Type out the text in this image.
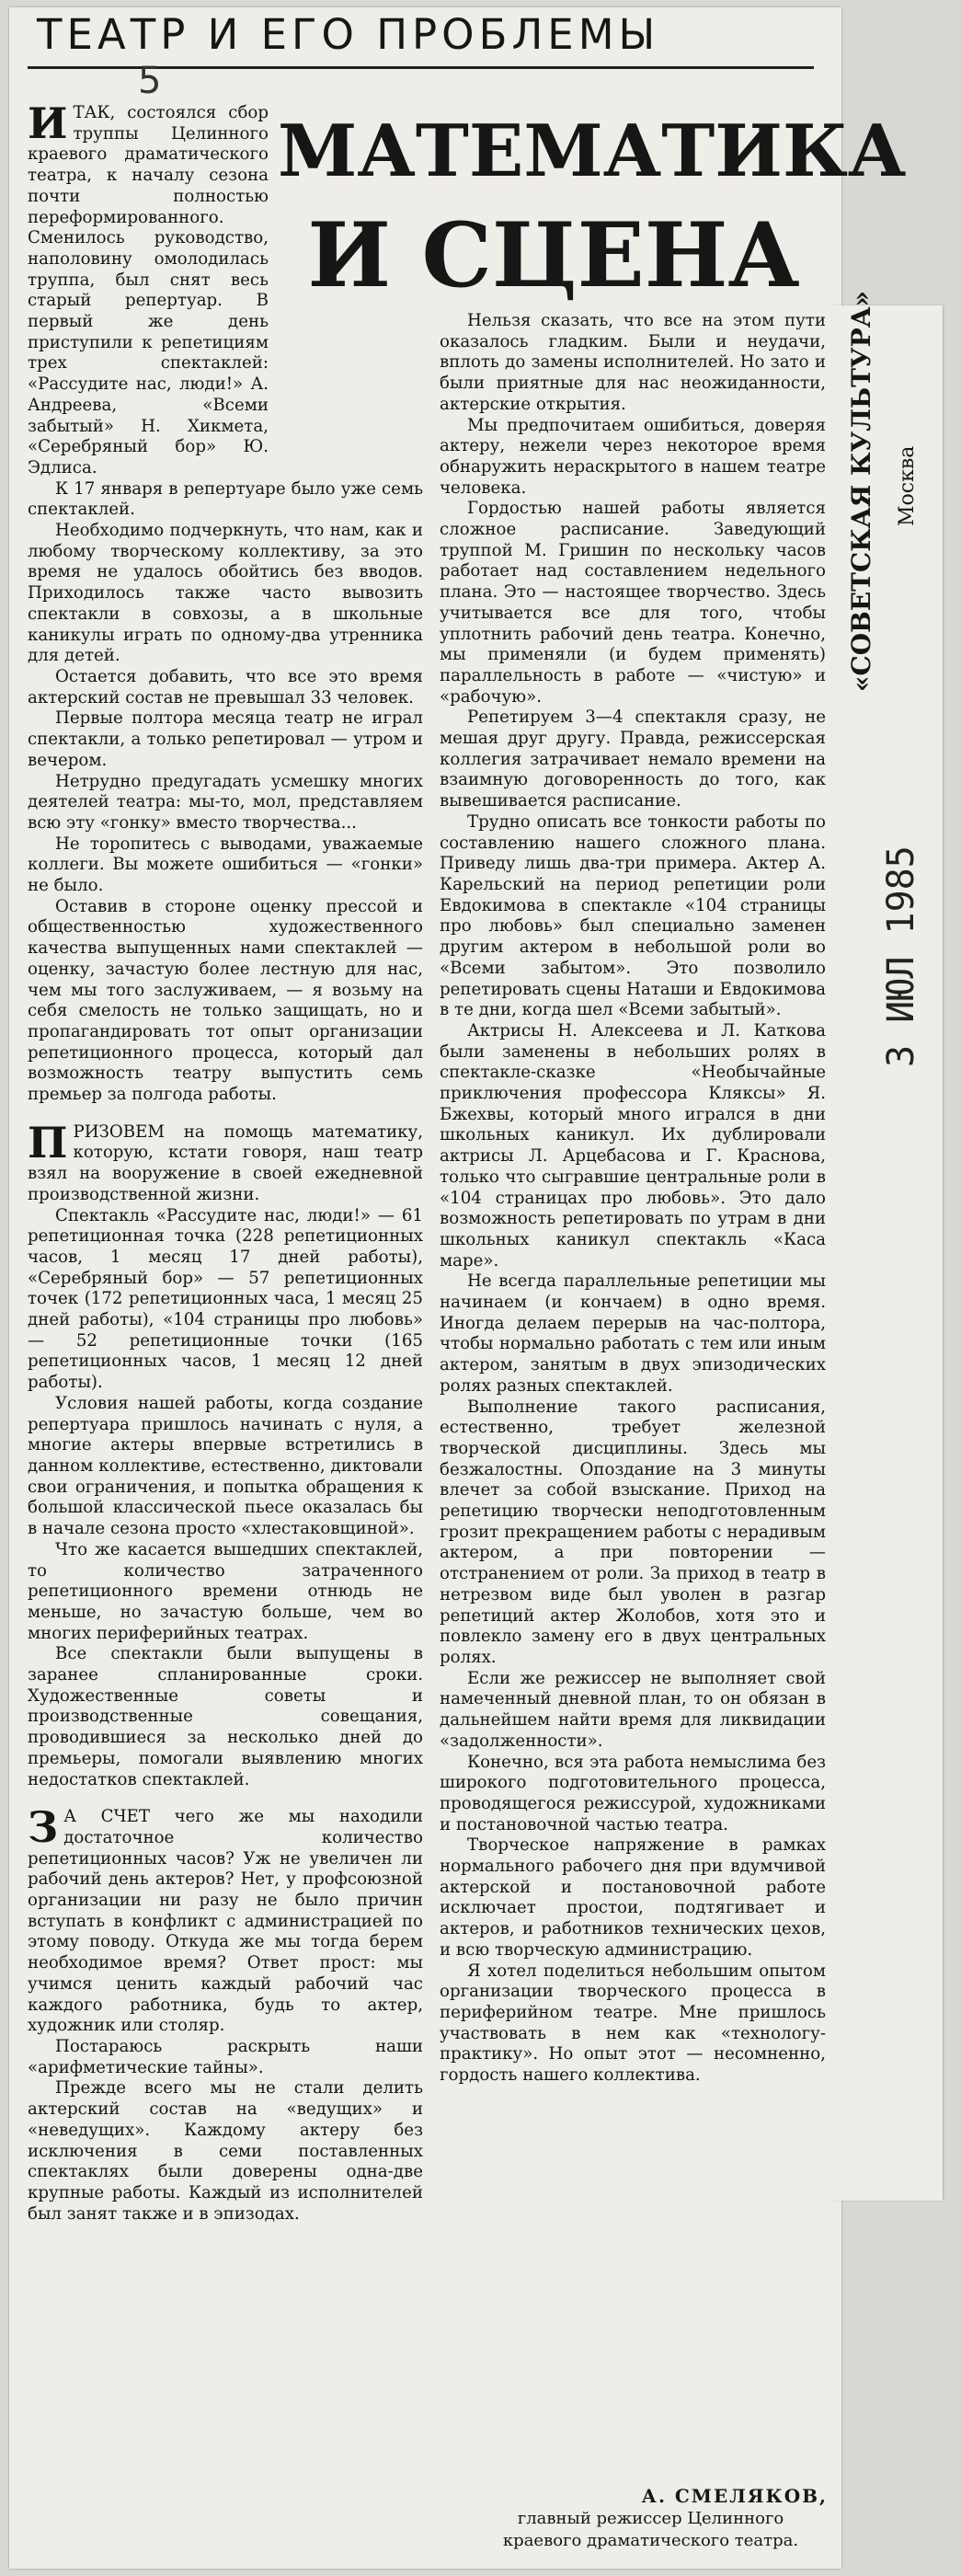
ТЕАТР И ЕГО ПРОБЛЕМЫ
5
МАТЕМАТИКА
И СЦЕНА
«СОВЕТСКАЯ КУЛЬТУРА» Москва
3 ИЮЛ 1985

ИТАК, состоялся сбор труппы Целинного краевого драматического театра, к началу сезона почти полностью переформированного. Сменилось руководство, наполовину омолодилась труппа, был снят весь старый репертуар. В первый же день приступили к репетициям трех спектаклей: «Рассудите нас, люди!» А. Андреева, «Всеми забытый» Н. Хикмета, «Серебряный бор» Ю. Эдлиса.

К 17 января в репертуаре было уже семь спектаклей.

Необходимо подчеркнуть, что нам, как и любому творческому коллективу, за это время не удалось обойтись без вводов. Приходилось также часто вывозить спектакли в совхозы, а в школьные каникулы играть по одному-два утренника для детей.

Остается добавить, что все это время актерский состав не превышал 33 человек.

Первые полтора месяца театр не играл спектакли, а только репетировал — утром и вечером.

Нетрудно предугадать усмешку многих деятелей театра: мы-то, мол, представляем всю эту «гонку» вместо творчества...

Не торопитесь с выводами, уважаемые коллеги. Вы можете ошибиться — «гонки» не было.

Оставив в стороне оценку прессой и общественностью художественного качества выпущенных нами спектаклей — оценку, зачастую более лестную для нас, чем мы того заслуживаем, — я возьму на себя смелость не только защищать, но и пропагандировать тот опыт организации репетиционного процесса, который дал возможность театру выпустить семь премьер за полгода работы.

ПРИЗОВЕМ на помощь математику, которую, кстати говоря, наш театр взял на вооружение в своей ежедневной производственной жизни.

Спектакль «Рассудите нас, люди!» — 61 репетиционная точка (228 репетиционных часов, 1 месяц 17 дней работы), «Серебряный бор» — 57 репетиционных точек (172 репетиционных часа, 1 месяц 25 дней работы), «104 страницы про любовь» — 52 репетиционные точки (165 репетиционных часов, 1 месяц 12 дней работы).

Условия нашей работы, когда создание репертуара пришлось начинать с нуля, а многие актеры впервые встретились в данном коллективе, естественно, диктовали свои ограничения, и попытка обращения к большой классической пьесе оказалась бы в начале сезона просто «хлестаковщиной».

Что же касается вышедших спектаклей, то количество затраченного репетиционного времени отнюдь не меньше, но зачастую больше, чем во многих периферийных театрах.

Все спектакли были выпущены в заранее спланированные сроки. Художественные советы и производственные совещания, проводившиеся за несколько дней до премьеры, помогали выявлению многих недостатков спектаклей.

З А СЧЕТ чего же мы находили достаточное количество репетиционных часов? Уж не увеличен ли рабочий день актеров? Нет, у профсоюзной организации ни разу не было причин вступать в конфликт с администрацией по этому поводу. Откуда же мы тогда берем необходимое время? Ответ прост: мы учимся ценить каждый рабочий час каждого работника, будь то актер, художник или столяр.

Постараюсь раскрыть наши «арифметические тайны».

Прежде всего мы не стали делить актерский состав на «ведущих» и «неведущих». Каждому актеру без исключения в семи поставленных спектаклях были доверены одна-две крупные работы. Каждый из исполнителей был занят также и в эпизодах.

Нельзя сказать, что все на этом пути оказалось гладким. Были и неудачи, вплоть до замены исполнителей. Но зато и были приятные для нас неожиданности, актерские открытия.

Мы предпочитаем ошибиться, доверяя актеру, нежели через некоторое время обнаружить нераскрытого в нашем театре человека.

Гордостью нашей работы является сложное расписание. Заведующий труппой М. Гришин по нескольку часов работает над составлением недельного плана. Это — настоящее творчество. Здесь учитывается все для того, чтобы уплотнить рабочий день театра. Конечно, мы применяли (и будем применять) параллельность в работе — «чистую» и «рабочую».

Репетируем 3—4 спектакля сразу, не мешая друг другу. Правда, режиссерская коллегия затрачивает немало времени на взаимную договоренность до того, как вывешивается расписание.

Трудно описать все тонкости работы по составлению нашего сложного плана. Приведу лишь два-три примера. Актер А. Карельский на период репетиции роли Евдокимова в спектакле «104 страницы про любовь» был специально заменен другим актером в небольшой роли во «Всеми забытом». Это позволило репетировать сцены Наташи и Евдокимова в те дни, когда шел «Всеми забытый».

Актрисы Н. Алексеева и Л. Каткова были заменены в небольших ролях в спектакле-сказке «Необычайные приключения профессора Кляксы» Я. Бжехвы, который много игрался в дни школьных каникул. Их дублировали актрисы Л. Арцебасова и Г. Краснова, только что сыгравшие центральные роли в «104 страницах про любовь». Это дало возможность репетировать по утрам в дни школьных каникул спектакль «Каса маре».

Не всегда параллельные репетиции мы начинаем (и кончаем) в одно время. Иногда делаем перерыв на час-полтора, чтобы нормально работать с тем или иным актером, занятым в двух эпизодических ролях разных спектаклей.

Выполнение такого расписания, естественно, требует железной творческой дисциплины. Здесь мы безжалостны. Опоздание на 3 минуты влечет за собой взыскание. Приход на репетицию творчески неподготовленным грозит прекращением работы с нерадивым актером, а при повторении — отстранением от роли. За приход в театр в нетрезвом виде был уволен в разгар репетиций актер Жолобов, хотя это и повлекло замену его в двух центральных ролях.

Если же режиссер не выполняет свой намеченный дневной план, то он обязан в дальнейшем найти время для ликвидации «задолженности».

Конечно, вся эта работа немыслима без широкого подготовительного процесса, проводящегося режиссурой, художниками и постановочной частью театра.

Творческое напряжение в рамках нормального рабочего дня при вдумчивой актерской и постановочной работе исключает простои, подтягивает и актеров, и работников технических цехов, и всю творческую администрацию.

Я хотел поделиться небольшим опытом организации творческого процесса в периферийном театре. Мне пришлось участвовать в нем как «технологу-практику». Но опыт этот — несомненно, гордость нашего коллектива.

А. СМЕЛЯКОВ,
главный режиссер Целинного
краевого драматического театра.
